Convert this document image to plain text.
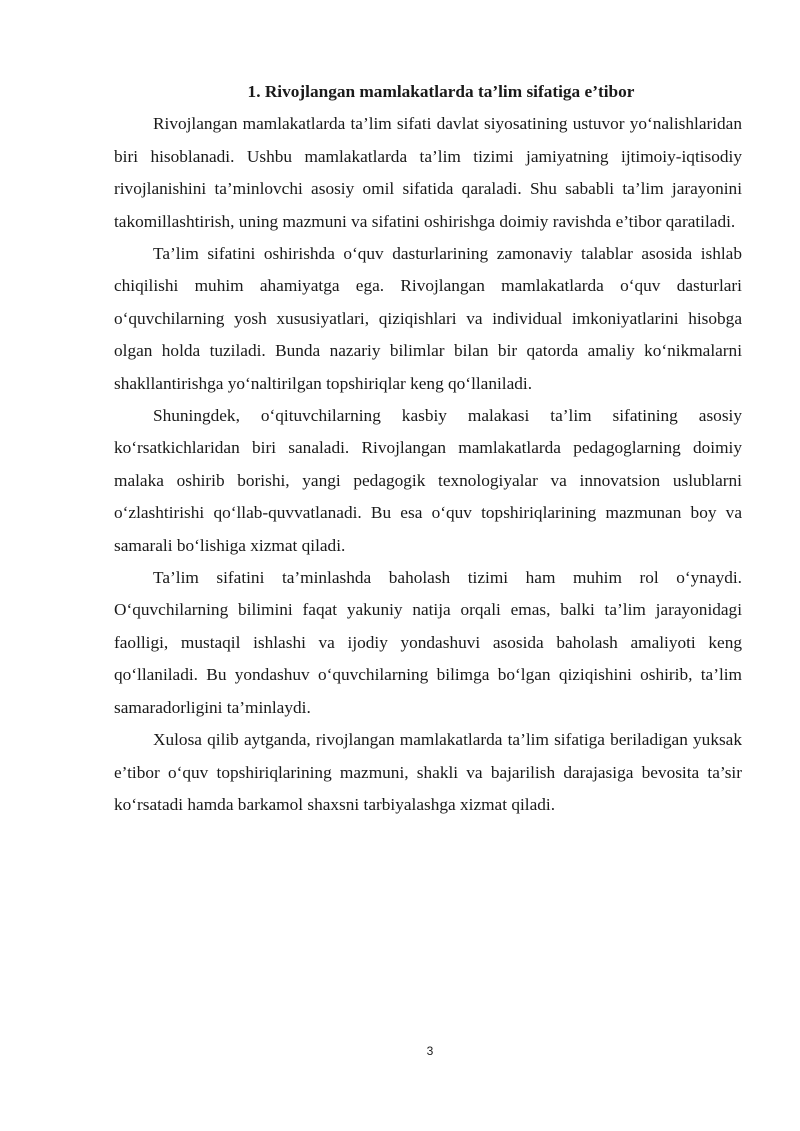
1. Rivojlangan mamlakatlarda ta’lim sifatiga e’tibor

Rivojlangan mamlakatlarda ta’lim sifati davlat siyosatining ustuvor yo‘nalishlaridan biri hisoblanadi. Ushbu mamlakatlarda ta’lim tizimi jamiyatning ijtimoiy-iqtisodiy rivojlanishini ta’minlovchi asosiy omil sifatida qaraladi. Shu sababli ta’lim jarayonini takomillashtirish, uning mazmuni va sifatini oshirishga doimiy ravishda e’tibor qaratiladi.

Ta’lim sifatini oshirishda o‘quv dasturlarining zamonaviy talablar asosida ishlab chiqilishi muhim ahamiyatga ega. Rivojlangan mamlakatlarda o‘quv dasturlari o‘quvchilarning yosh xususiyatlari, qiziqishlari va individual imkoniyatlarini hisobga olgan holda tuziladi. Bunda nazariy bilimlar bilan bir qatorda amaliy ko‘nikmalarni shakllantirishga yo‘naltirilgan topshiriqlar keng qo‘llaniladi.

Shuningdek, o‘qituvchilarning kasbiy malakasi ta’lim sifatining asosiy ko‘rsatkichlaridan biri sanaladi. Rivojlangan mamlakatlarda pedagoglarning doimiy malaka oshirib borishi, yangi pedagogik texnologiyalar va innovatsion uslublarni o‘zlashtirishi qo‘llab-quvvatlanadi. Bu esa o‘quv topshiriqlarining mazmunan boy va samarali bo‘lishiga xizmat qiladi.

Ta’lim sifatini ta’minlashda baholash tizimi ham muhim rol o‘ynaydi. O‘quvchilarning bilimini faqat yakuniy natija orqali emas, balki ta’lim jarayonidagi faolligi, mustaqil ishlashi va ijodiy yondashuvi asosida baholash amaliyoti keng qo‘llaniladi. Bu yondashuv o‘quvchilarning bilimga bo‘lgan qiziqishini oshirib, ta’lim samaradorligini ta’minlaydi.

Xulosa qilib aytganda, rivojlangan mamlakatlarda ta’lim sifatiga beriladigan yuksak e’tibor o‘quv topshiriqlarining mazmuni, shakli va bajarilish darajasiga bevosita ta’sir ko‘rsatadi hamda barkamol shaxsni tarbiyalashga xizmat qiladi.

3
